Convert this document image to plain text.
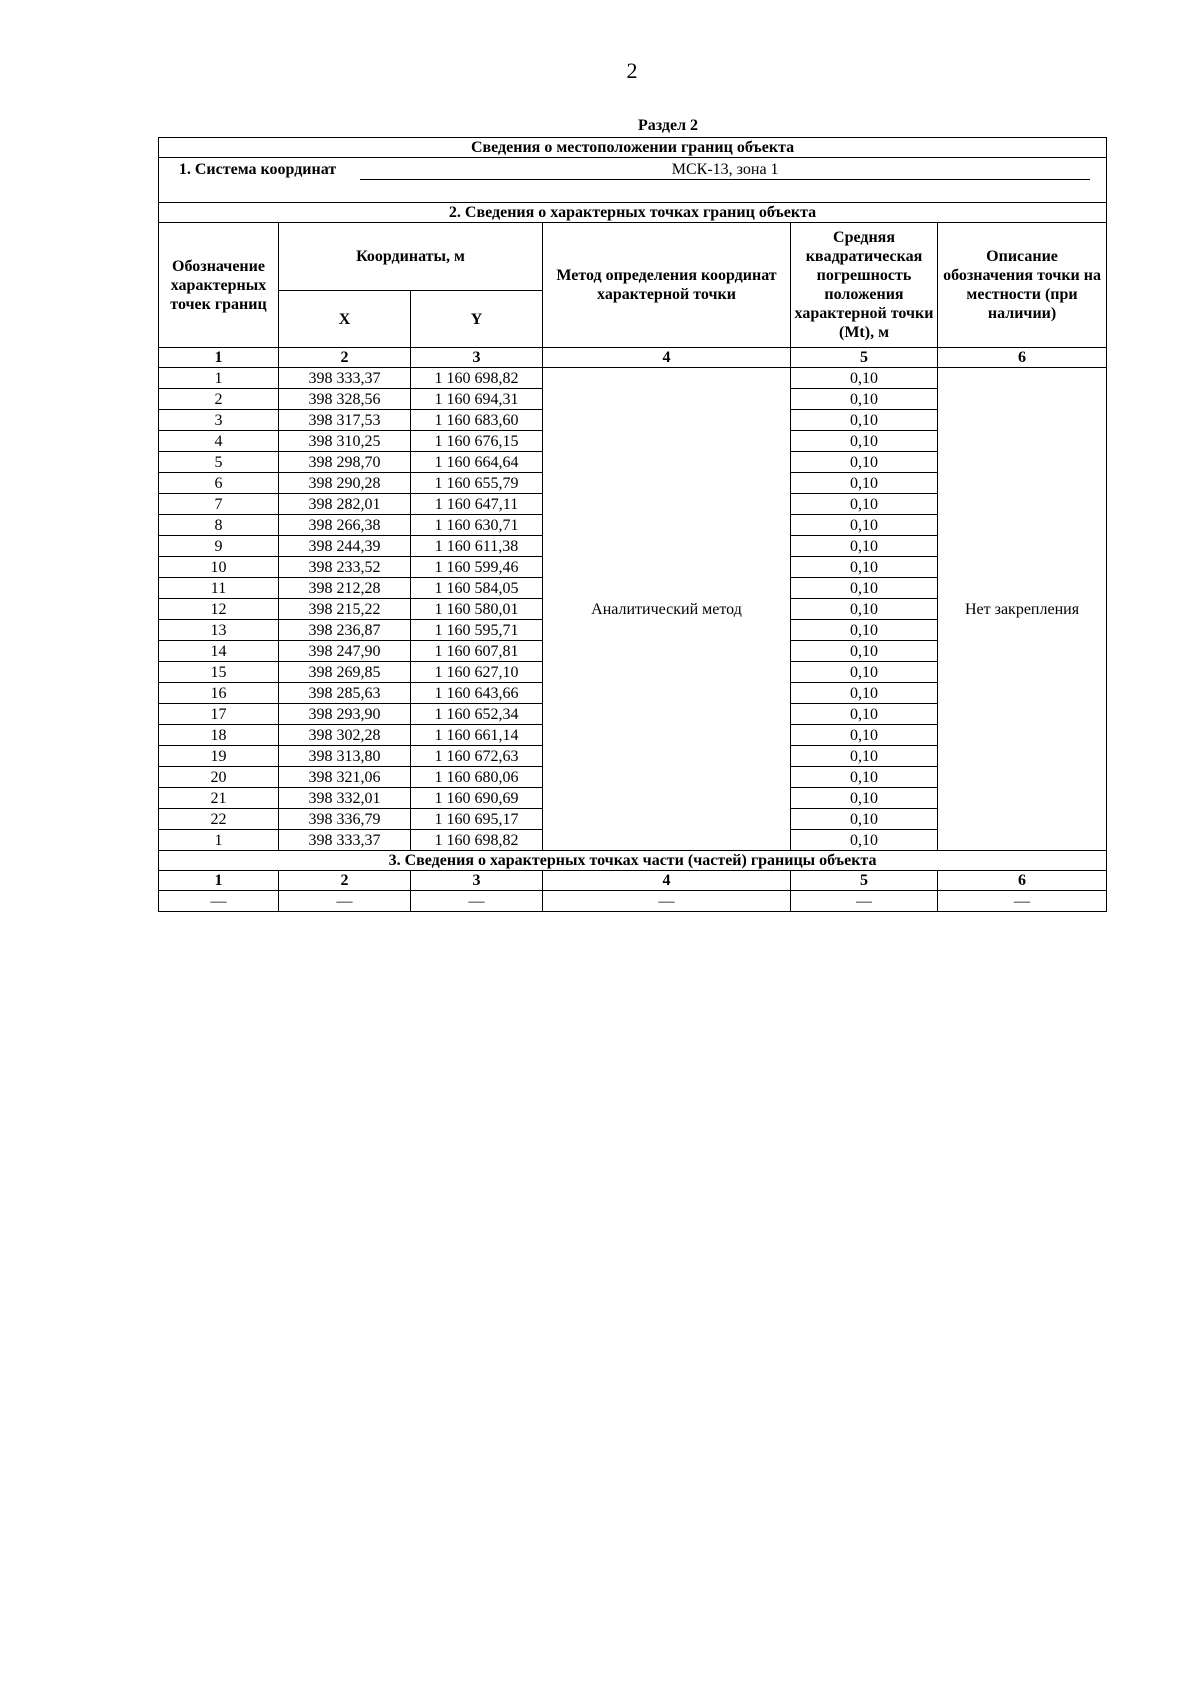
2
Раздел 2
Сведения о местоположении границ объекта					
1. Система координат МСК-13, зона 1					
2. Сведения о характерных точках границ объекта					
Обозначение характерных точек границ	Координаты, м		Метод определения координат характерной точки	Средняя квадратическая погрешность положения характерной точки (Mt), м	Описание обозначения точки на местности (при наличии)
	X	Y			
1	2	3	4	5	6
1	398 333,37	1 160 698,82	Аналитический метод	0,10	Нет закрепления
2	398 328,56	1 160 694,31		0,10	
3	398 317,53	1 160 683,60		0,10	
4	398 310,25	1 160 676,15		0,10	
5	398 298,70	1 160 664,64		0,10	
6	398 290,28	1 160 655,79		0,10	
7	398 282,01	1 160 647,11		0,10	
8	398 266,38	1 160 630,71		0,10	
9	398 244,39	1 160 611,38		0,10	
10	398 233,52	1 160 599,46		0,10	
11	398 212,28	1 160 584,05		0,10	
12	398 215,22	1 160 580,01		0,10	
13	398 236,87	1 160 595,71		0,10	
14	398 247,90	1 160 607,81		0,10	
15	398 269,85	1 160 627,10		0,10	
16	398 285,63	1 160 643,66		0,10	
17	398 293,90	1 160 652,34		0,10	
18	398 302,28	1 160 661,14		0,10	
19	398 313,80	1 160 672,63		0,10	
20	398 321,06	1 160 680,06		0,10	
21	398 332,01	1 160 690,69		0,10	
22	398 336,79	1 160 695,17		0,10	
1	398 333,37	1 160 698,82		0,10	
3. Сведения о характерных точках части (частей) границы объекта					
1	2	3	4	5	6
—	—	—	—	—	—
